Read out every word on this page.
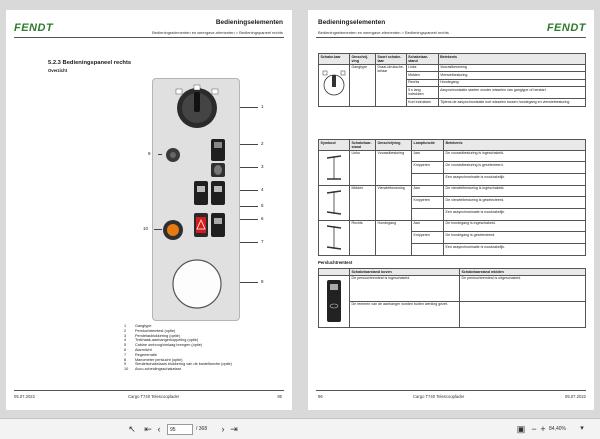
FENDT	Bedieningselementen
Bedieningselementen en weergave-elementen > Bedieningspaneel rechts
5.2.3 Bedieningspaneel rechts
Overzicht
1
2
3
4
5
6
7
8
9
10
1	Gangtype
2	Persluchtremtest (optie)
3	Pendelasblokkering (optie)
4	Trekhaak-aanhangerkoppeling (optie)
5	Cabine omhoog/omlaag brengen (optie)
6	Alarmlicht
7	Regenerratie
8	Manometer perslucht (optie)
9	Sleutelschakelaars blokkering van de kantelfunctie (optie)
10	Accu-scheidingsschakelaar
05.07.2022	Cargo T740 Telescooplader	95
Bedieningselementen
Bedieningselementen en weergave-elementen > Bedieningspaneel rechts	FENDT
Schake-laar	Omschrij-ving	Soort schake-laar	Schakelaar-stand	Betekenis
	Gangtype	Draai-/druksche-kelaar	Links	Vooraslbesturing
			Midden	Vierwielbesturing
			Rechts	Hondegang
			5 s lang indrukken	Assynchronisatie starten zonder wisselen van gangtype of herstart
			Kort indrukken	Tijdens de assynchronisatie kort wisselen tussen hondegang en vierwielbesturing
Symbool	Schakelaar-stand	Omschrijving	Lampfunctie	Betekenis
	Links	Vooraslbesturing	Aan	De vooraslbesturing is ingeschakeld.
			Knipperen	De vooraslbesturing is geselecteerd.
				Een assynchronisatie is noodzakelijk.
	Midden	Vierwielbesturing	Aan	De vierwielbesturing is ingeschakeld.
			Knipperen	De vierwielbesturing is geselecteerd.
				Een assynchronisatie is noodzakelijk.
	Rechts	Hondegang	Aan	De hondegang is ingeschakeld.
			Knipperen	De hondegang is geselecteerd.
				Een assynchronisatie is noodzakelijk.
Persluchtremtest
	Schakelaarstand boven	Schakelaarstand midden
	De persluchtremtest is ingeschakeld.	De persluchtremtest is uitgeschakeld.
	De remmen van de aanhanger worden buiten werking gezet.	
96	Cargo T740 Telescooplader	05.07.2022
↖ ⇤ ‹	95	/ 368	› ⇥	▣ − + 84,40%	▾
